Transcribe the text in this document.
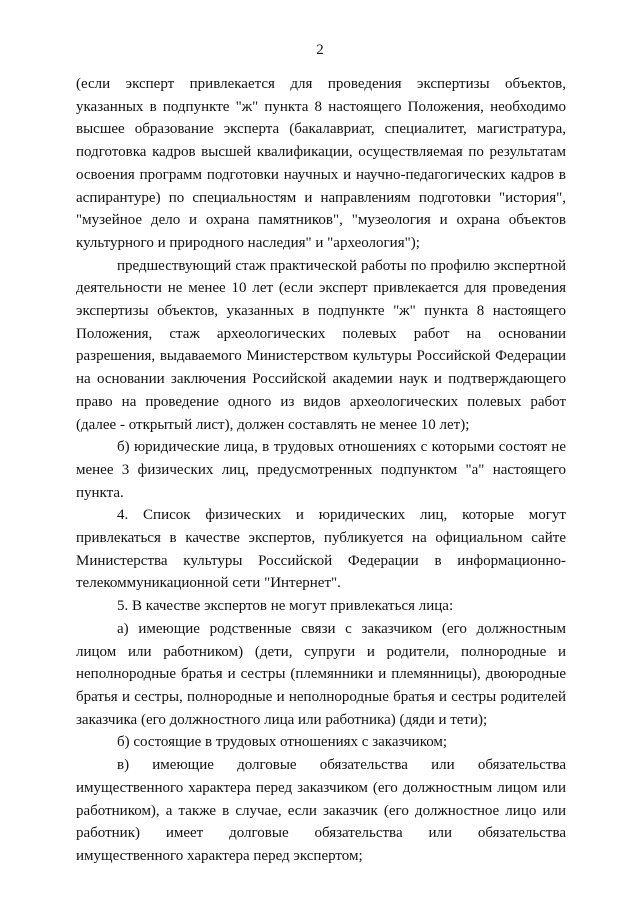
2

(если эксперт привлекается для проведения экспертизы объектов, указанных в подпункте "ж" пункта 8 настоящего Положения, необходимо высшее образование эксперта (бакалавриат, специалитет, магистратура, подготовка кадров высшей квалификации, осуществляемая по результатам освоения программ подготовки научных и научно-педагогических кадров в аспирантуре) по специальностям и направлениям подготовки "история", "музейное дело и охрана памятников", "музеология и охрана объектов культурного и природного наследия" и "археология");

предшествующий стаж практической работы по профилю экспертной деятельности не менее 10 лет (если эксперт привлекается для проведения экспертизы объектов, указанных в подпункте "ж" пункта 8 настоящего Положения, стаж археологических полевых работ на основании разрешения, выдаваемого Министерством культуры Российской Федерации на основании заключения Российской академии наук и подтверждающего право на проведение одного из видов археологических полевых работ (далее - открытый лист), должен составлять не менее 10 лет);

б) юридические лица, в трудовых отношениях с которыми состоят не менее 3 физических лиц, предусмотренных подпунктом "а" настоящего пункта.

4. Список физических и юридических лиц, которые могут привлекаться в качестве экспертов, публикуется на официальном сайте Министерства культуры Российской Федерации в информационно-телекоммуникационной сети "Интернет".

5. В качестве экспертов не могут привлекаться лица:

а) имеющие родственные связи с заказчиком (его должностным лицом или работником) (дети, супруги и родители, полнородные и неполнородные братья и сестры (племянники и племянницы), двоюродные братья и сестры, полнородные и неполнородные братья и сестры родителей заказчика (его должностного лица или работника) (дяди и тети);

б) состоящие в трудовых отношениях с заказчиком;

в) имеющие долговые обязательства или обязательства имущественного характера перед заказчиком (его должностным лицом или работником), а также в случае, если заказчик (его должностное лицо или работник) имеет долговые обязательства или обязательства имущественного характера перед экспертом;
